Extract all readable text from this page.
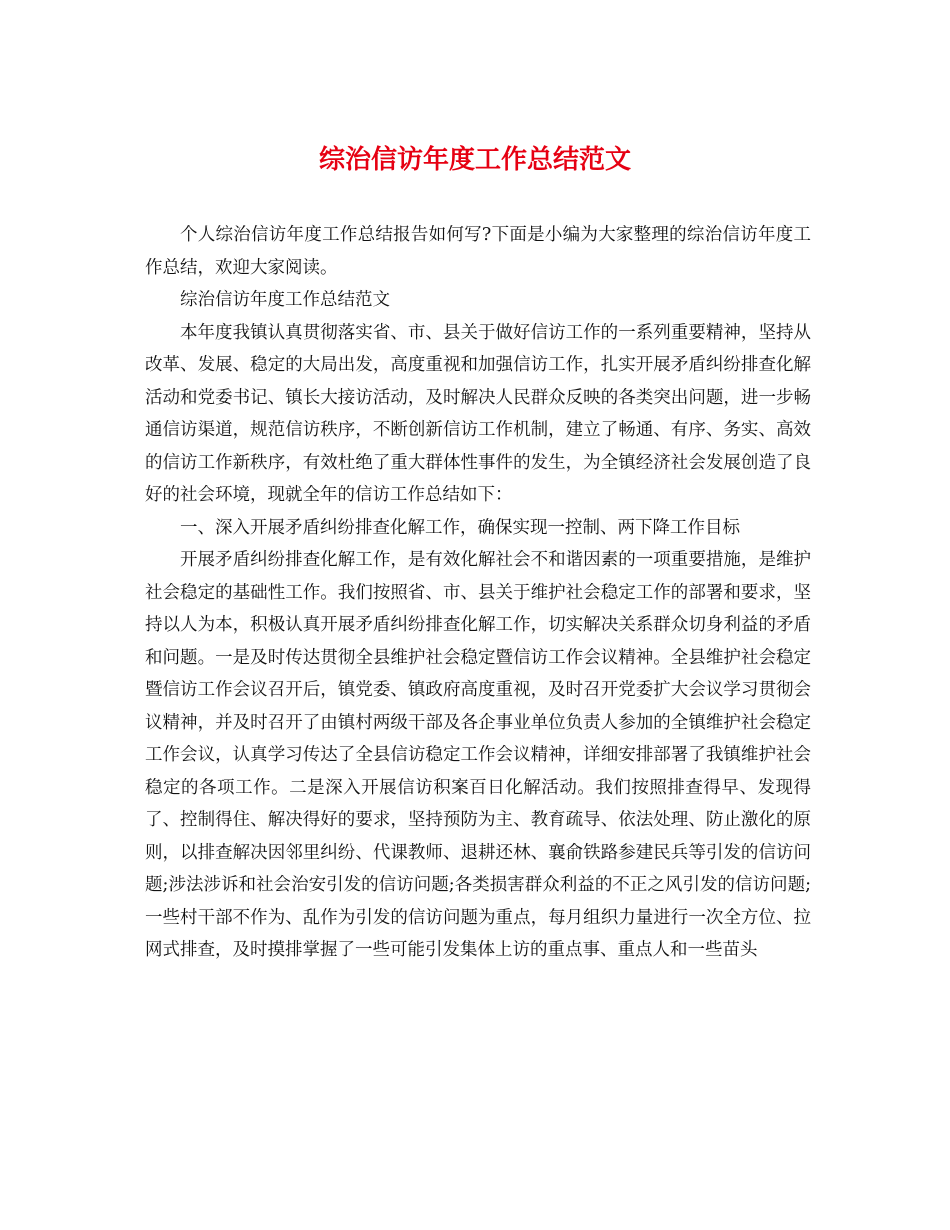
综治信访年度工作总结范文

个人综治信访年度工作总结报告如何写?下面是小编为大家整理的综治信访年度工作总结，欢迎大家阅读。

综治信访年度工作总结范文

本年度我镇认真贯彻落实省、市、县关于做好信访工作的一系列重要精神，坚持从改革、发展、稳定的大局出发，高度重视和加强信访工作，扎实开展矛盾纠纷排查化解活动和党委书记、镇长大接访活动，及时解决人民群众反映的各类突出问题，进一步畅通信访渠道，规范信访秩序，不断创新信访工作机制，建立了畅通、有序、务实、高效的信访工作新秩序，有效杜绝了重大群体性事件的发生，为全镇经济社会发展创造了良好的社会环境，现就全年的信访工作总结如下：

一、深入开展矛盾纠纷排查化解工作，确保实现一控制、两下降工作目标

开展矛盾纠纷排查化解工作，是有效化解社会不和谐因素的一项重要措施，是维护社会稳定的基础性工作。我们按照省、市、县关于维护社会稳定工作的部署和要求，坚持以人为本，积极认真开展矛盾纠纷排查化解工作，切实解决关系群众切身利益的矛盾和问题。一是及时传达贯彻全县维护社会稳定暨信访工作会议精神。全县维护社会稳定暨信访工作会议召开后，镇党委、镇政府高度重视，及时召开党委扩大会议学习贯彻会议精神，并及时召开了由镇村两级干部及各企事业单位负责人参加的全镇维护社会稳定工作会议，认真学习传达了全县信访稳定工作会议精神，详细安排部署了我镇维护社会稳定的各项工作。二是深入开展信访积案百日化解活动。我们按照排查得早、发现得了、控制得住、解决得好的要求，坚持预防为主、教育疏导、依法处理、防止激化的原则，以排查解决因邻里纠纷、代课教师、退耕还林、襄俞铁路参建民兵等引发的信访问题;涉法涉诉和社会治安引发的信访问题;各类损害群众利益的不正之风引发的信访问题;一些村干部不作为、乱作为引发的信访问题为重点，每月组织力量进行一次全方位、拉网式排查，及时摸排掌握了一些可能引发集体上访的重点事、重点人和一些苗头
